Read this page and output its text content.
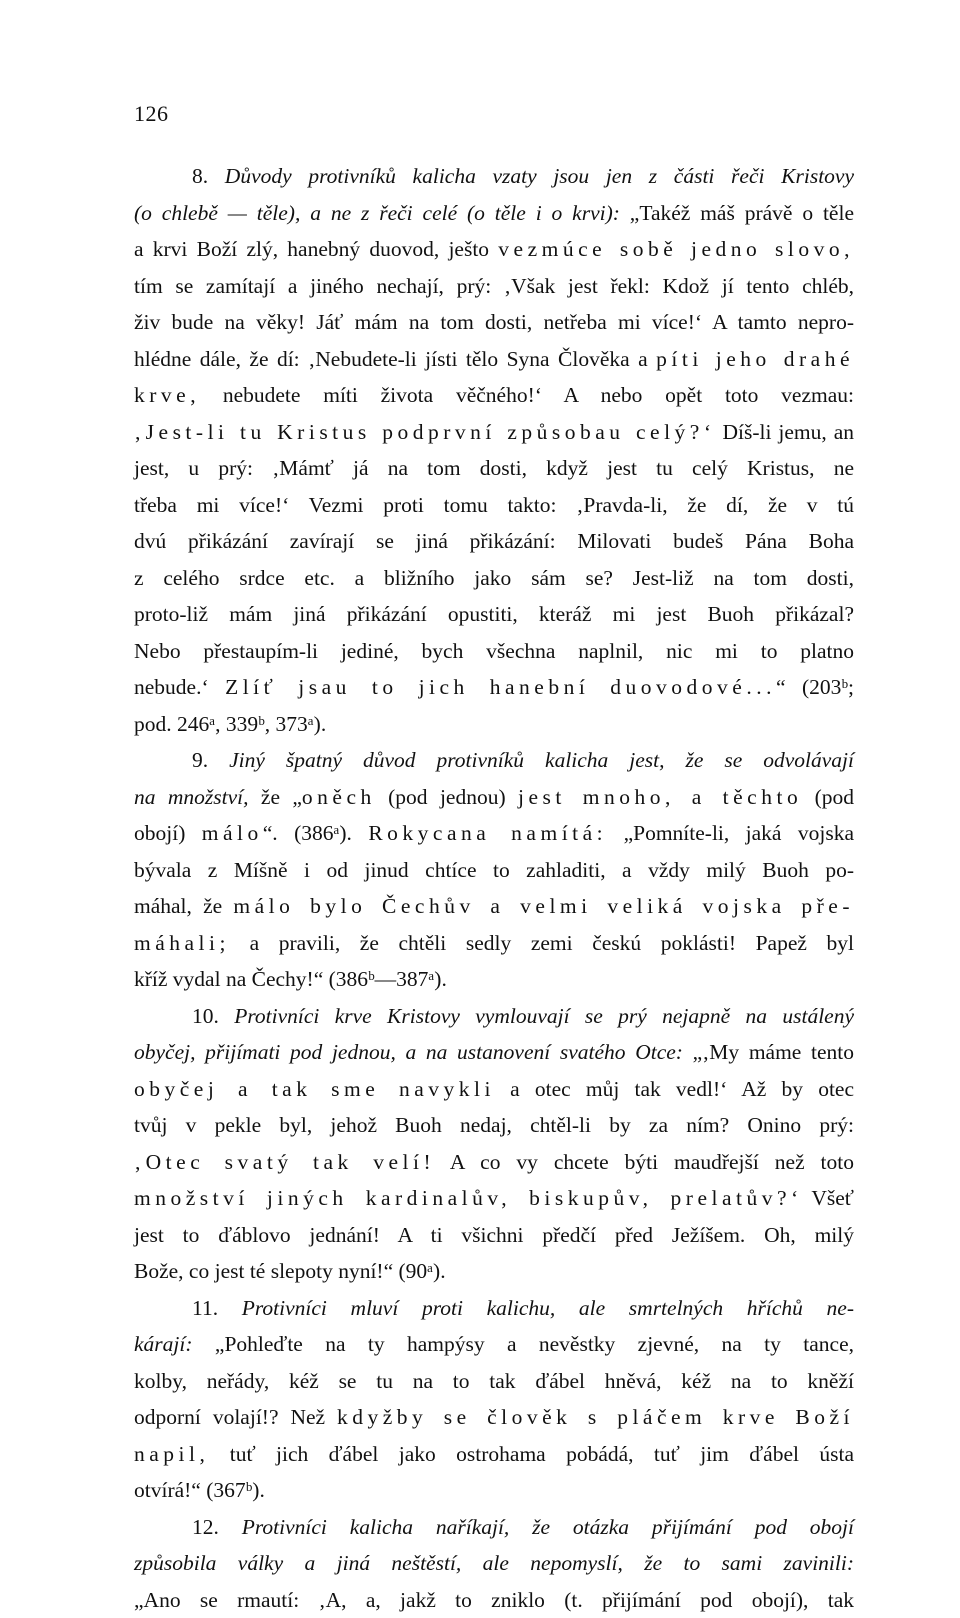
126
8. Důvody protivníků kalicha vzaty jsou jen z části řeči Kristovy
(o chlebě — těle), a ne z řeči celé (o těle i o krvi): „Takéž máš právě o těle
a krvi Boží zlý, hanebný duovod, ješto vezmúce sobě jedno slovo,
tím se zamítají a jiného nechají, prý: ‚Však jest řekl: Kdož jí tento chléb,
živ bude na věky! Jáť mám na tom dosti, netřeba mi více!‘ A tamto nepro-
hlédne dále, že dí: ‚Nebudete-li jísti tělo Syna Člověka a píti jeho drahé
krve, nebudete míti života věčného!‘ A nebo opět toto vezmau:
‚Jest-li tu Kristus podprvní způsobau celý?‘ Díš-li jemu, an
jest, u prý: ‚Mámť já na tom dosti, když jest tu celý Kristus, ne
třeba mi více!‘ Vezmi proti tomu takto: ‚Pravda-li, že dí, že v tú
dvú přikázání zavírají se jiná přikázání: Milovati budeš Pána Boha
z celého srdce etc. a bližního jako sám se? Jest-liž na tom dosti,
proto-liž mám jiná přikázání opustiti, kteráž mi jest Buoh přikázal?
Nebo přestaupím-li jediné, bych všechna naplnil, nic mi to platno
nebude.‘ Zlíť jsau to jich hanební duovodové...“ (203ᵇ;
pod. 246ᵃ, 339ᵇ, 373ᵃ).
9. Jiný špatný důvod protivníků kalicha jest, že se odvolávají
na množství, že „oněch (pod jednou) jest mnoho, a těchto (pod
obojí) málo“. (386ᵃ). Rokycana namítá: „Pomníte-li, jaká vojska
bývala z Míšně i od jinud chtíce to zahladiti, a vždy milý Buoh po-
máhal, že málo bylo Čechův a velmi veliká vojska pře-
máhali; a pravili, že chtěli sedly zemi českú poklásti! Papež byl
kříž vydal na Čechy!“ (386ᵇ—387ᵃ).
10. Protivníci krve Kristovy vymlouvají se prý nejapně na ustálený
obyčej, přijímati pod jednou, a na ustanovení svatého Otce: „‚My máme tento
obyčej a tak sme navykli a otec můj tak vedl!‘ Až by otec
tvůj v pekle byl, jehož Buoh nedaj, chtěl-li by za ním? Onino prý:
‚Otec svatý tak velí! A co vy chcete býti maudřejší než toto
množství jiných kardinalův, biskupův, prelatův?‘ Všeť
jest to ďáblovo jednání! A ti všichni předčí před Ježíšem. Oh, milý
Bože, co jest té slepoty nyní!“ (90ᵃ).
11. Protivníci mluví proti kalichu, ale smrtelných hříchů ne-
kárají: „Pohleďte na ty hampýsy a nevěstky zjevné, na ty tance,
kolby, neřády, kéž se tu na to tak ďábel hněvá, kéž na to kněží
odporní volají!? Než kdyžby se člověk s pláčem krve Boží
napil, tuť jich ďábel jako ostrohama pobádá, tuť jim ďábel ústa
otvírá!“ (367ᵇ).
12. Protivníci kalicha naříkají, že otázka přijímání pod obojí
způsobila války a jiná neštěstí, ale nepomyslí, že to sami zavinili:
„Ano se rmautí: ‚A, a, jakž to zniklo (t. přijímání pod obojí), tak
